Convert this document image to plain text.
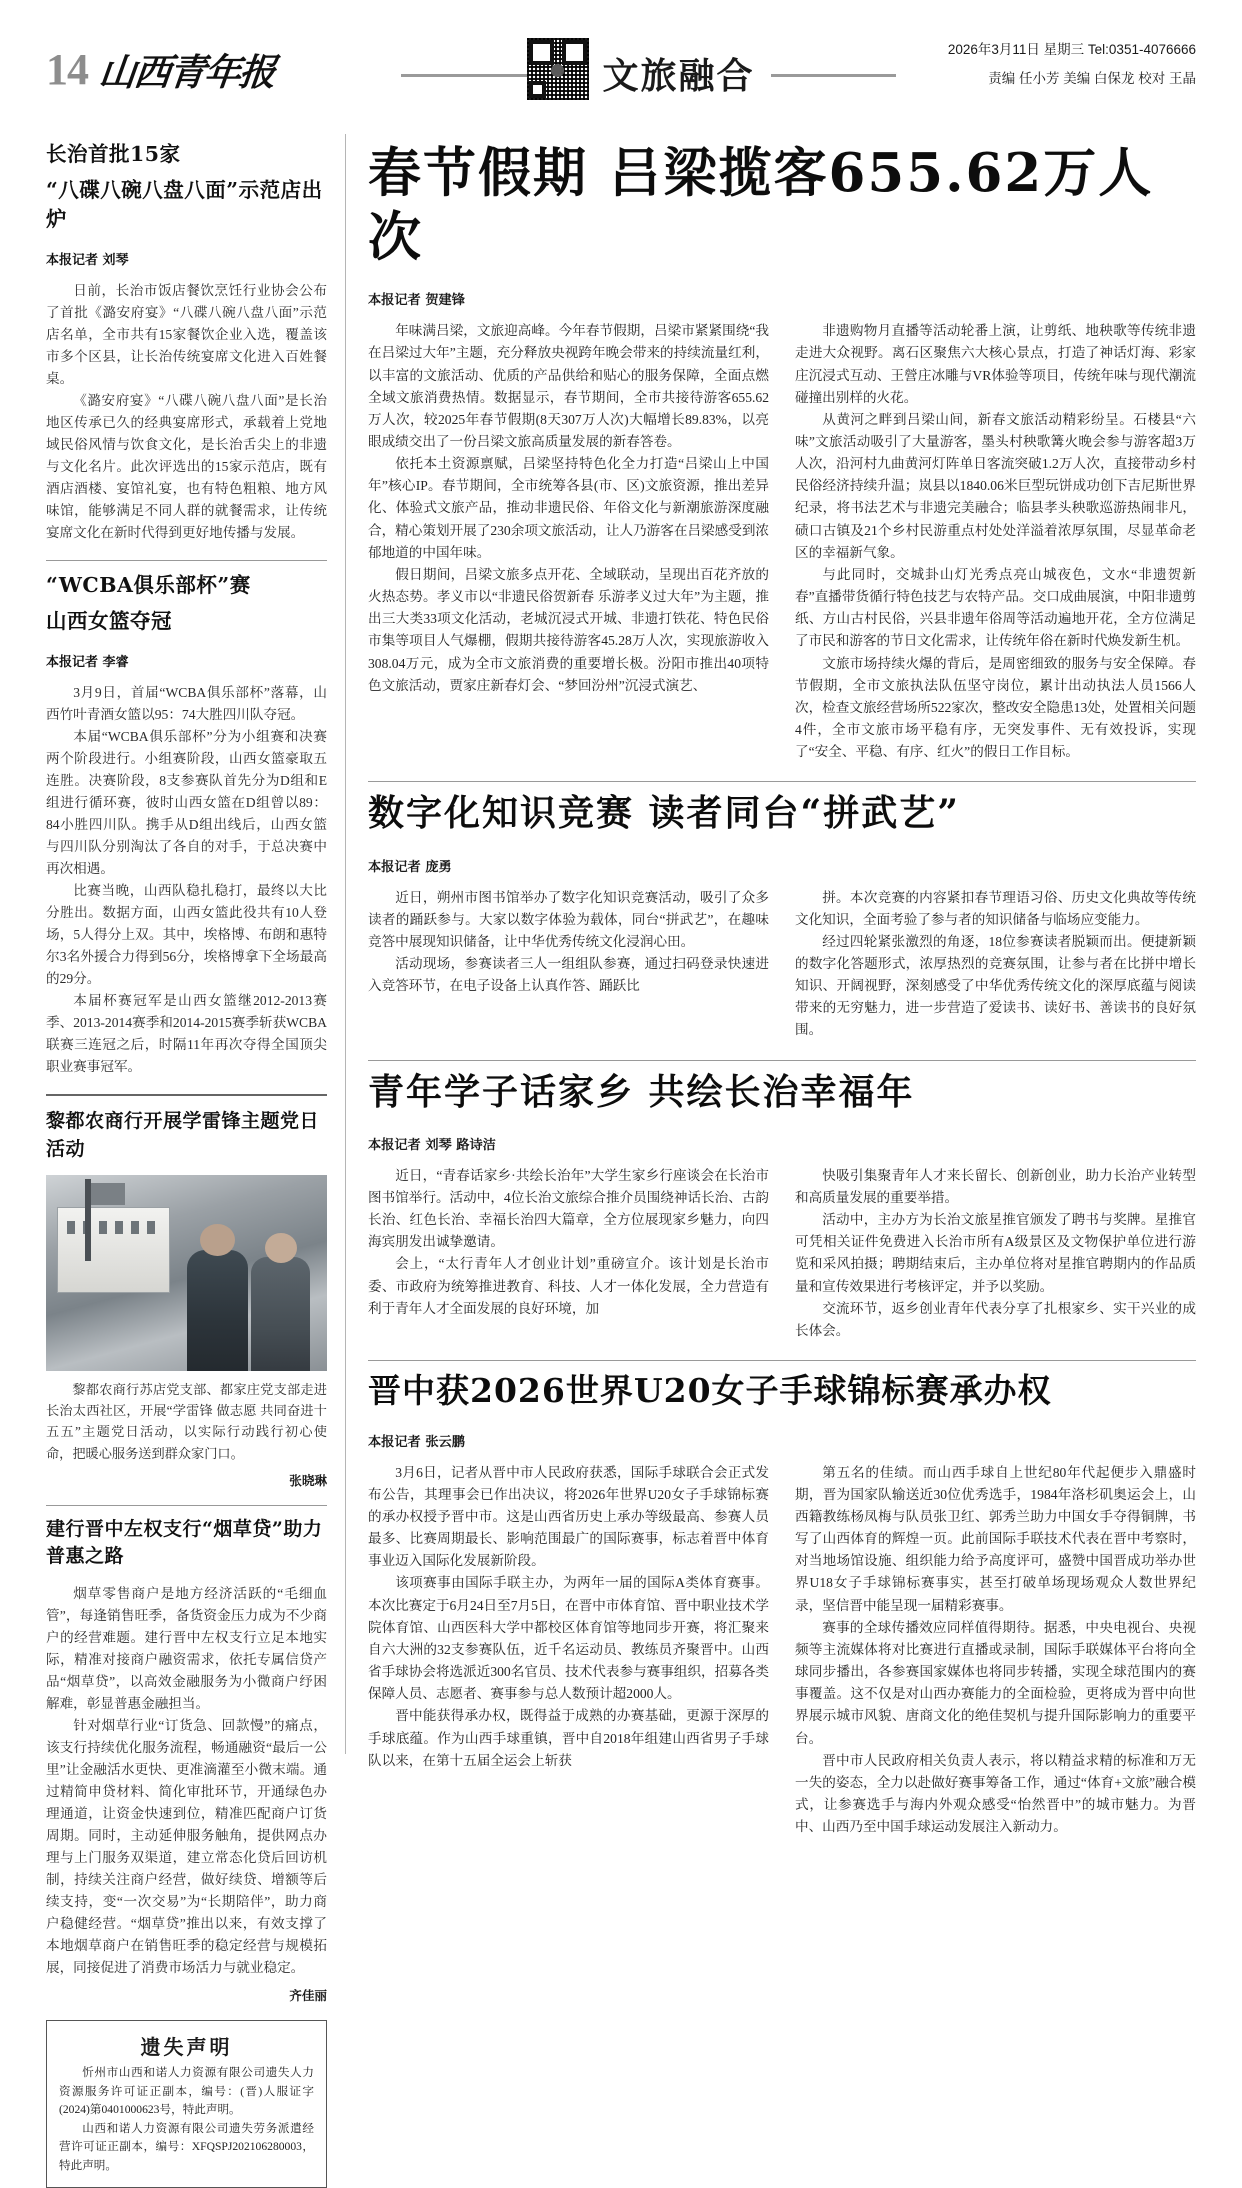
14 山西青年报	文旅融合
2026年3月11日 星期三 Tel:0351-4076666
责编 任小芳 美编 白保龙 校对 王晶
长治首批15家
“八碟八碗八盘八面”示范店出炉
本报记者 刘琴

日前，长治市饭店餐饮烹饪行业协会公布了首批《潞安府宴》“八碟八碗八盘八面”示范店名单，全市共有15家餐饮企业入选，覆盖该市多个区县，让长治传统宴席文化进入百姓餐桌。

《潞安府宴》“八碟八碗八盘八面”是长治地区传承已久的经典宴席形式，承载着上党地域民俗风情与饮食文化，是长治舌尖上的非遗与文化名片。此次评选出的15家示范店，既有酒店酒楼、宴馆礼宴，也有特色粗粮、地方风味馆，能够满足不同人群的就餐需求，让传统宴席文化在新时代得到更好地传播与发展。

“WCBA俱乐部杯”赛
山西女篮夺冠
本报记者 李睿

3月9日，首届“WCBA俱乐部杯”落幕，山西竹叶青酒女篮以95：74大胜四川队夺冠。

本届“WCBA俱乐部杯”分为小组赛和决赛两个阶段进行。小组赛阶段，山西女篮豪取五连胜。决赛阶段，8支参赛队首先分为D组和E组进行循环赛，彼时山西女篮在D组曾以89：84小胜四川队。携手从D组出线后，山西女篮与四川队分别淘汰了各自的对手，于总决赛中再次相遇。

比赛当晚，山西队稳扎稳打，最终以大比分胜出。数据方面，山西女篮此役共有10人登场，5人得分上双。其中，埃格博、布朗和惠特尔3名外援合力得到56分，埃格博拿下全场最高的29分。

本届杯赛冠军是山西女篮继2012-2013赛季、2013-2014赛季和2014-2015赛季斩获WCBA联赛三连冠之后，时隔11年再次夺得全国顶尖职业赛事冠军。

黎都农商行开展学雷锋主题党日活动
黎都农商行苏店党支部、都家庄党支部走进长治太西社区，开展“学雷锋 做志愿 共同奋进十五五”主题党日活动，以实际行动践行初心使命，把暖心服务送到群众家门口。
张晓琳
建行晋中左权支行“烟草贷”助力普惠之路

烟草零售商户是地方经济活跃的“毛细血管”，每逢销售旺季，备货资金压力成为不少商户的经营难题。建行晋中左权支行立足本地实际，精准对接商户融资需求，依托专属信贷产品“烟草贷”，以高效金融服务为小微商户纾困解难，彰显普惠金融担当。

针对烟草行业“订货急、回款慢”的痛点，该支行持续优化服务流程，畅通融资“最后一公里”让金融活水更快、更准滴灌至小微末端。通过精简申贷材料、简化审批环节，开通绿色办理通道，让资金快速到位，精准匹配商户订货周期。同时，主动延伸服务触角，提供网点办理与上门服务双渠道，建立常态化贷后回访机制，持续关注商户经营，做好续贷、增额等后续支持，变“一次交易”为“长期陪伴”，助力商户稳健经营。“烟草贷”推出以来，有效支撑了本地烟草商户在销售旺季的稳定经营与规模拓展，同接促进了消费市场活力与就业稳定。

齐佳丽
遗失声明
忻州市山西和诺人力资源有限公司遗失人力资源服务许可证正副本，编号：(晋)人服证字(2024)第0401000623号，特此声明。
山西和诺人力资源有限公司遗失劳务派遣经营许可证正副本，编号：XFQSPJ202106280003，特此声明。
春节假期 吕梁揽客655.62万人次
本报记者 贺建锋

年味满吕梁，文旅迎高峰。今年春节假期，吕梁市紧紧围绕“我在吕梁过大年”主题，充分释放央视跨年晚会带来的持续流量红利，以丰富的文旅活动、优质的产品供给和贴心的服务保障，全面点燃全域文旅消费热情。数据显示，春节期间，全市共接待游客655.62万人次，较2025年春节假期(8天307万人次)大幅增长89.83%，以亮眼成绩交出了一份吕梁文旅高质量发展的新春答卷。

依托本土资源禀赋，吕梁坚持特色化全力打造“吕梁山上中国年”核心IP。春节期间，全市统筹各县(市、区)文旅资源，推出差异化、体验式文旅产品，推动非遗民俗、年俗文化与新潮旅游深度融合，精心策划开展了230余项文旅活动，让人乃游客在吕梁感受到浓郁地道的中国年味。

假日期间，吕梁文旅多点开花、全域联动，呈现出百花齐放的火热态势。孝义市以“非遗民俗贺新春 乐游孝义过大年”为主题，推出三大类33项文化活动，老城沉浸式开城、非遗打铁花、特色民俗市集等项目人气爆棚，假期共接待游客45.28万人次，实现旅游收入308.04万元，成为全市文旅消费的重要增长极。汾阳市推出40项特色文旅活动，贾家庄新春灯会、“梦回汾州”沉浸式演艺、

非遗购物月直播等活动轮番上演，让剪纸、地秧歌等传统非遗走进大众视野。离石区聚焦六大核心景点，打造了神话灯海、彩家庄沉浸式互动、王營庄冰雕与VR体验等项目，传统年味与现代潮流碰撞出别样的火花。

从黄河之畔到吕梁山间，新春文旅活动精彩纷呈。石楼县“六味”文旅活动吸引了大量游客，墨头村秧歌篝火晚会参与游客超3万人次，沿河村九曲黄河灯阵单日客流突破1.2万人次，直接带动乡村民俗经济持续升温；岚县以1840.06米巨型玩饼成功创下吉尼斯世界纪录，将书法艺术与非遗完美融合；临县孝头秧歌巡游热闹非凡，碛口古镇及21个乡村民游重点村处处洋溢着浓厚氛围，尽显革命老区的幸福新气象。

与此同时，交城卦山灯光秀点亮山城夜色，文水“非遗贺新春”直播带货循行特色技艺与农特产品。交口成曲展演，中阳非遗剪纸、方山古村民俗，兴县非遗年俗周等活动遍地开花，全方位满足了市民和游客的节日文化需求，让传统年俗在新时代焕发新生机。

文旅市场持续火爆的背后，是周密细致的服务与安全保障。春节假期，全市文旅执法队伍坚守岗位，累计出动执法人员1566人次，检查文旅经营场所522家次，整改安全隐患13处，处置相关问题4件，全市文旅市场平稳有序，无突发事件、无有效投诉，实现了“安全、平稳、有序、红火”的假日工作目标。

数字化知识竞赛 读者同台“拼武艺”
本报记者 庞勇

近日，朔州市图书馆举办了数字化知识竞赛活动，吸引了众多读者的踊跃参与。大家以数字体验为载体，同台“拼武艺”，在趣味竞答中展现知识储备，让中华优秀传统文化浸润心田。

活动现场，参赛读者三人一组组队参赛，通过扫码登录快速进入竞答环节，在电子设备上认真作答、踊跃比

拼。本次竞赛的内容紧扣春节理语习俗、历史文化典故等传统文化知识，全面考验了参与者的知识储备与临场应变能力。

经过四轮紧张激烈的角逐，18位参赛读者脱颖而出。便捷新颖的数字化答题形式，浓厚热烈的竞赛氛围，让参与者在比拼中增长知识、开阔视野，深刻感受了中华优秀传统文化的深厚底蕴与阅读带来的无穷魅力，进一步营造了爱读书、读好书、善读书的良好氛围。

青年学子话家乡 共绘长治幸福年
本报记者 刘琴 路诗洁

近日，“青春话家乡·共绘长治年”大学生家乡行座谈会在长治市图书馆举行。活动中，4位长治文旅综合推介员围绕神话长治、古韵长治、红色长治、幸福长治四大篇章，全方位展现家乡魅力，向四海宾朋发出诚挚邀请。

会上，“太行青年人才创业计划”重磅宣介。该计划是长治市委、市政府为统筹推进教育、科技、人才一体化发展，全力营造有利于青年人才全面发展的良好环境，加

快吸引集聚青年人才来长留长、创新创业，助力长治产业转型和高质量发展的重要举措。

活动中，主办方为长治文旅星推官颁发了聘书与奖牌。星推官可凭相关证件免费进入长治市所有A级景区及文物保护单位进行游览和采风拍摄；聘期结束后，主办单位将对星推官聘期内的作品质量和宣传效果进行考核评定，并予以奖励。

交流环节，返乡创业青年代表分享了扎根家乡、实干兴业的成长体会。

晋中获2026世界U20女子手球锦标赛承办权
本报记者 张云鹏

3月6日，记者从晋中市人民政府获悉，国际手球联合会正式发布公告，其理事会已作出决议，将2026年世界U20女子手球锦标赛的承办权授予晋中市。这是山西省历史上承办等级最高、参赛人员最多、比赛周期最长、影响范围最广的国际赛事，标志着晋中体育事业迈入国际化发展新阶段。

该项赛事由国际手联主办，为两年一届的国际A类体育赛事。本次比赛定于6月24日至7月5日，在晋中市体育馆、晋中职业技术学院体育馆、山西医科大学中都校区体育馆等地同步开赛，将汇聚来自六大洲的32支参赛队伍，近千名运动员、教练员齐聚晋中。山西省手球协会将选派近300名官员、技术代表参与赛事组织，招募各类保障人员、志愿者、赛事参与总人数预计超2000人。

晋中能获得承办权，既得益于成熟的办赛基础，更源于深厚的手球底蕴。作为山西手球重镇，晋中自2018年组建山西省男子手球队以来，在第十五届全运会上斩获

第五名的佳绩。而山西手球自上世纪80年代起便步入鼎盛时期，晋为国家队输送近30位优秀选手，1984年洛杉矶奥运会上，山西籍教练杨凤梅与队员张卫红、郭秀兰助力中国女手夺得铜牌，书写了山西体育的辉煌一页。此前国际手联技术代表在晋中考察时，对当地场馆设施、组织能力给予高度评可，盛赞中国晋成功举办世界U18女子手球锦标赛事实，甚至打破单场现场观众人数世界纪录，坚信晋中能呈现一届精彩赛事。

赛事的全球传播效应同样值得期待。据悉，中央电视台、央视频等主流媒体将对比赛进行直播或录制，国际手联媒体平台将向全球同步播出，各参赛国家媒体也将同步转播，实现全球范围内的赛事覆盖。这不仅是对山西办赛能力的全面检验，更将成为晋中向世界展示城市风貌、唐商文化的绝佳契机与提升国际影响力的重要平台。

晋中市人民政府相关负责人表示，将以精益求精的标准和万无一失的姿态，全力以赴做好赛事筹备工作，通过“体育+文旅”融合模式，让参赛选手与海内外观众感受“怡然晋中”的城市魅力。为晋中、山西乃至中国手球运动发展注入新动力。
